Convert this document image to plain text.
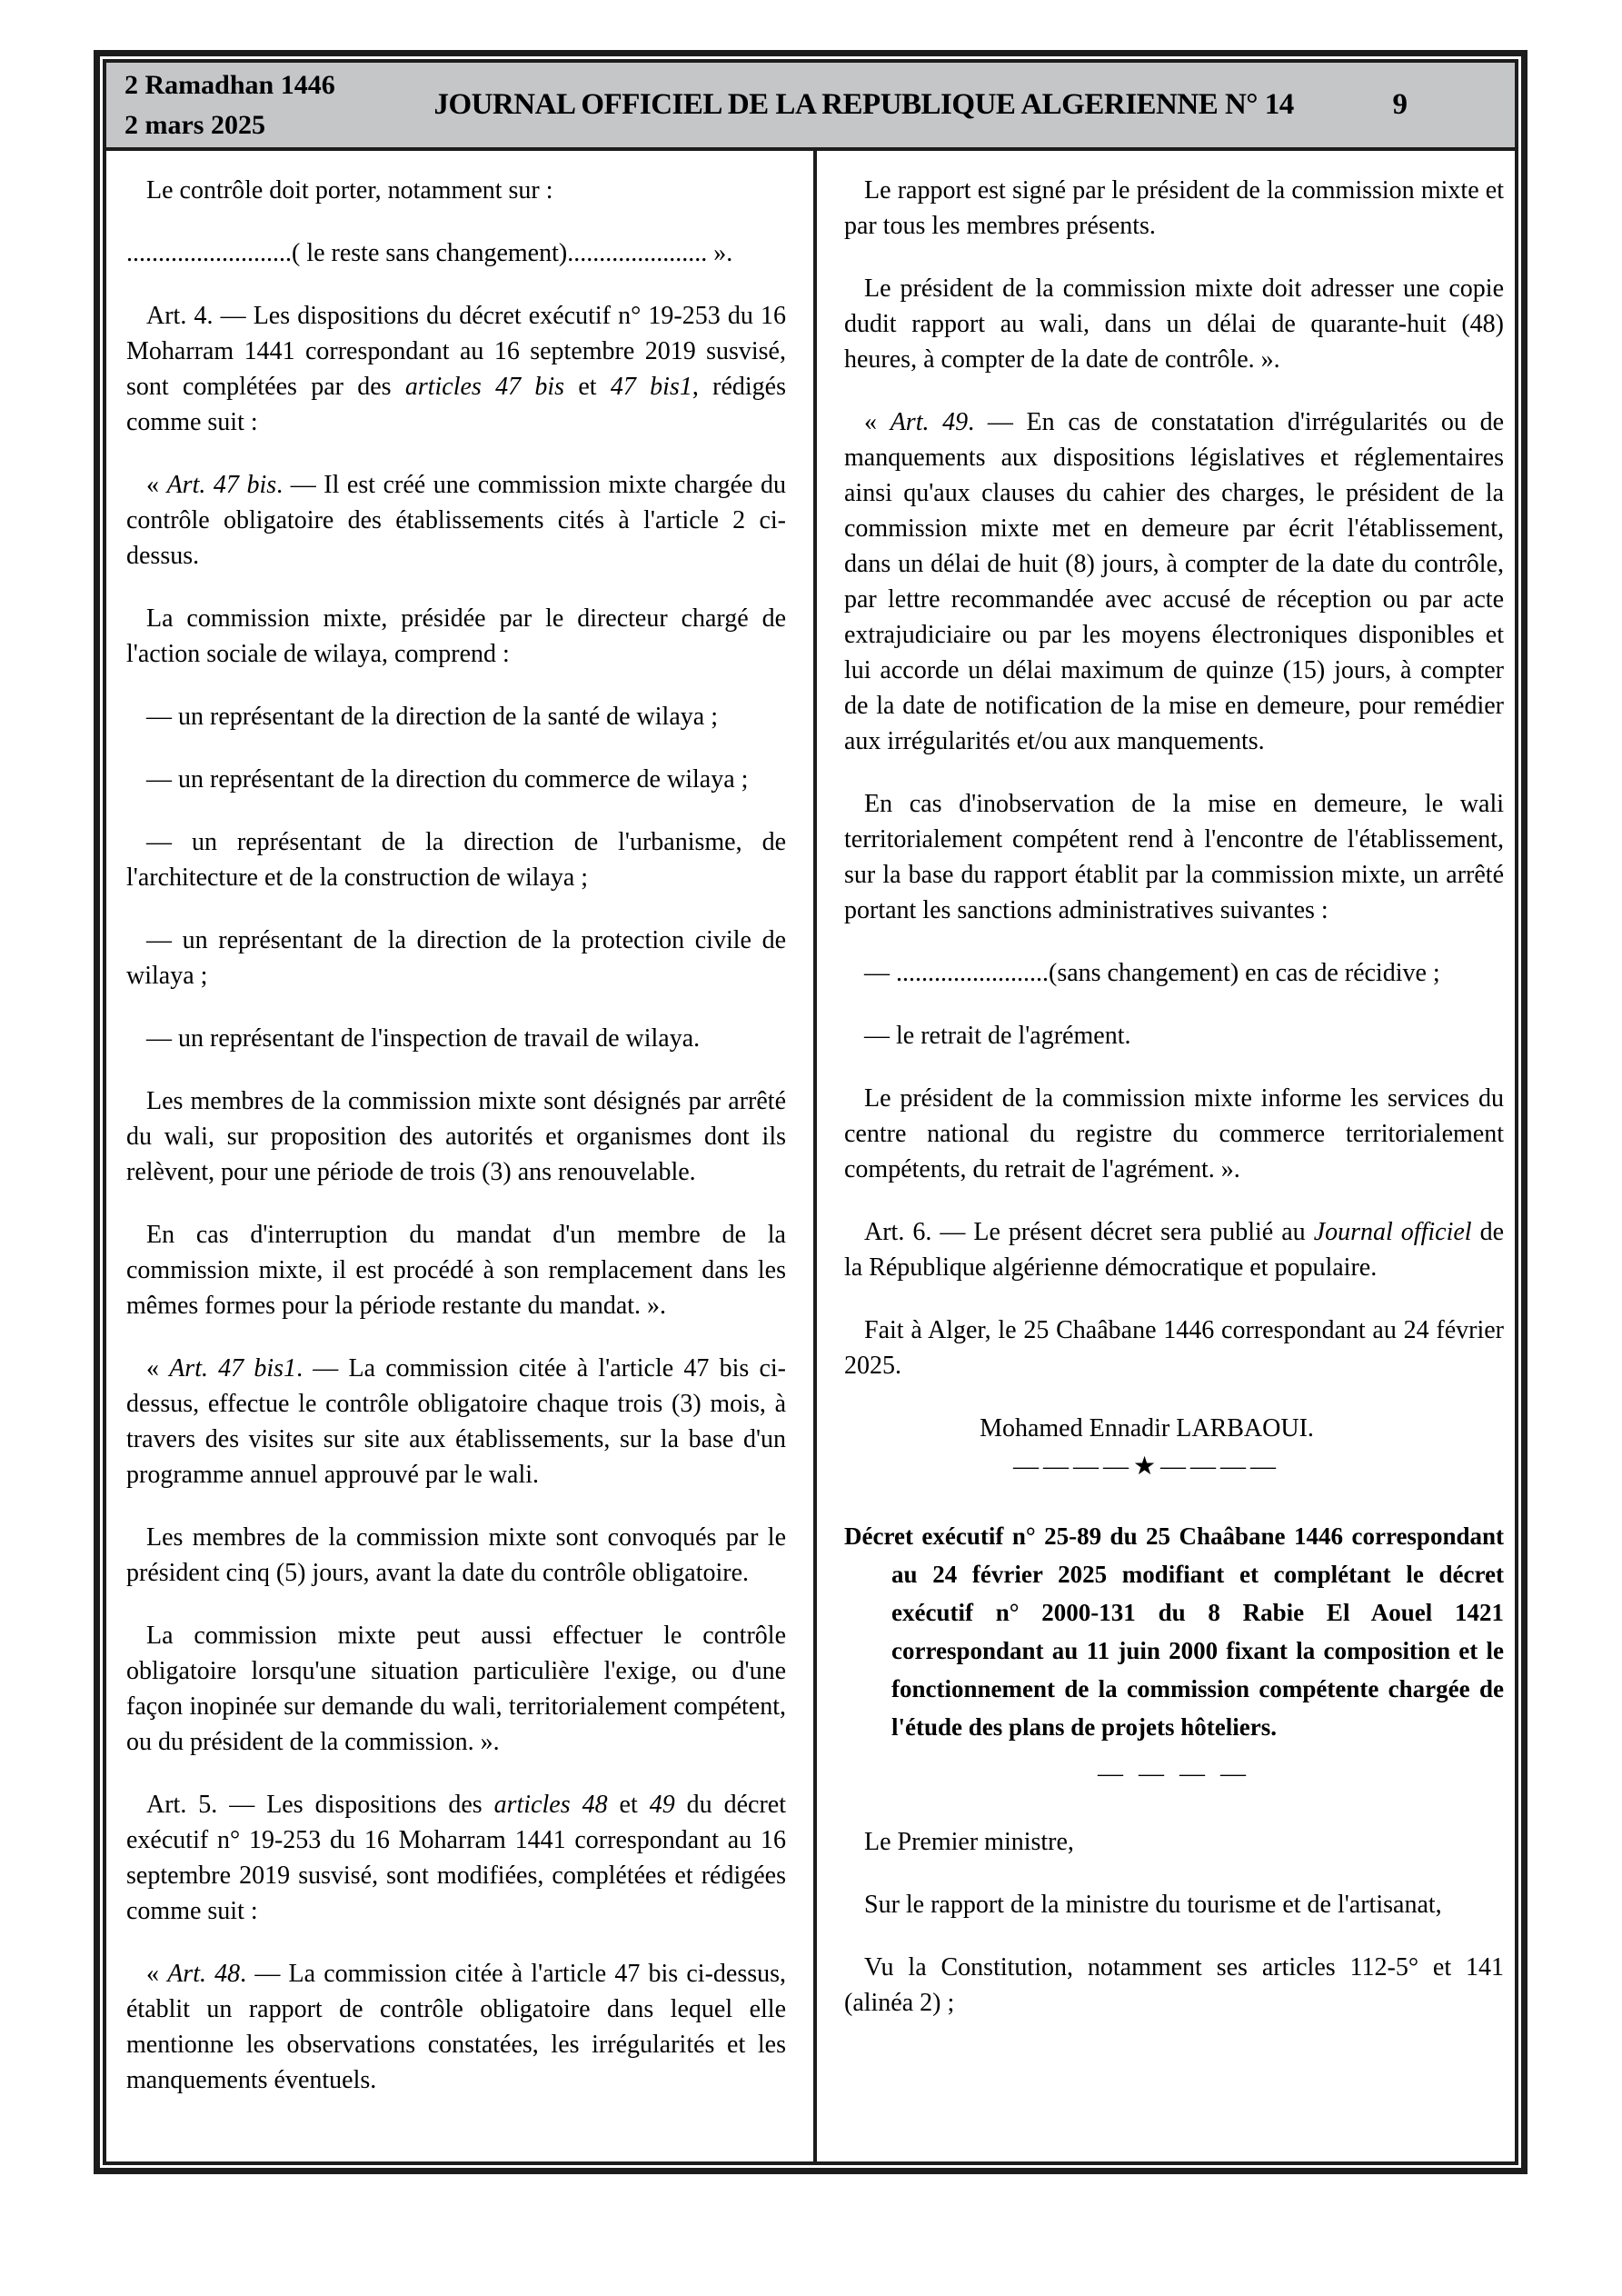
2 Ramadhan 1446
2 mars 2025
JOURNAL OFFICIEL DE LA REPUBLIQUE ALGERIENNE N° 14	9

Le contrôle doit porter, notamment sur :

..........................( le reste sans changement)...................... ».

Art. 4. — Les dispositions du décret exécutif n° 19-253 du 16 Moharram 1441 correspondant au 16 septembre 2019 susvisé, sont complétées par des articles 47 bis et 47 bis1, rédigés comme suit :

« Art. 47 bis. — Il est créé une commission mixte chargée du contrôle obligatoire des établissements cités à l'article 2 ci-dessus.

La commission mixte, présidée par le directeur chargé de l'action sociale de wilaya, comprend :

— un représentant de la direction de la santé de wilaya ;

— un représentant de la direction du commerce de wilaya ;

— un représentant de la direction de l'urbanisme, de l'architecture et de la construction de wilaya ;

— un représentant de la direction de la protection civile de wilaya ;

— un représentant de l'inspection de travail de wilaya.

Les membres de la commission mixte sont désignés par arrêté du wali, sur proposition des autorités et organismes dont ils relèvent, pour une période de trois (3) ans renouvelable.

En cas d'interruption du mandat d'un membre de la commission mixte, il est procédé à son remplacement dans les mêmes formes pour la période restante du mandat. ».

« Art. 47 bis1. — La commission citée à l'article 47 bis ci-dessus, effectue le contrôle obligatoire chaque trois (3) mois, à travers des visites sur site aux établissements, sur la base d'un programme annuel approuvé par le wali.

Les membres de la commission mixte sont convoqués par le président cinq (5) jours, avant la date du contrôle obligatoire.

La commission mixte peut aussi effectuer le contrôle obligatoire lorsqu'une situation particulière l'exige, ou d'une façon inopinée sur demande du wali, territorialement compétent, ou du président de la commission. ».

Art. 5. — Les dispositions des articles 48 et 49 du décret exécutif n° 19-253 du 16 Moharram 1441 correspondant au 16 septembre 2019 susvisé, sont modifiées, complétées et rédigées comme suit :

« Art. 48. — La commission citée à l'article 47 bis ci-dessus, établit un rapport de contrôle obligatoire dans lequel elle mentionne les observations constatées, les irrégularités et les manquements éventuels.

Le rapport est signé par le président de la commission mixte et par tous les membres présents.

Le président de la commission mixte doit adresser une copie dudit rapport au wali, dans un délai de quarante-huit (48) heures, à compter de la date de contrôle. ».

« Art. 49. — En cas de constatation d'irrégularités ou de manquements aux dispositions législatives et réglementaires ainsi qu'aux clauses du cahier des charges, le président de la commission mixte met en demeure par écrit l'établissement, dans un délai de huit (8) jours, à compter de la date du contrôle, par lettre recommandée avec accusé de réception ou par acte extrajudiciaire ou par les moyens électroniques disponibles et lui accorde un délai maximum de quinze (15) jours, à compter de la date de notification de la mise en demeure, pour remédier aux irrégularités et/ou aux manquements.

En cas d'inobservation de la mise en demeure, le wali territorialement compétent rend à l'encontre de l'établissement, sur la base du rapport établit par la commission mixte, un arrêté portant les sanctions administratives suivantes :

— ........................(sans changement) en cas de récidive ;

— le retrait de l'agrément.

Le président de la commission mixte informe les services du centre national du registre du commerce territorialement compétents, du retrait de l'agrément. ».

Art. 6. — Le présent décret sera publié au Journal officiel de la République algérienne démocratique et populaire.

Fait à Alger, le 25 Chaâbane 1446 correspondant au 24 février 2025.

Mohamed Ennadir LARBAOUI.

————★————

Décret exécutif n° 25-89 du 25 Chaâbane 1446 correspondant au 24 février 2025 modifiant et complétant le décret exécutif n° 2000-131 du 8 Rabie El Aouel 1421 correspondant au 11 juin 2000 fixant la composition et le fonctionnement de la commission compétente chargée de l'étude des plans de projets hôteliers.

— — — —

Le Premier ministre,

Sur le rapport de la ministre du tourisme et de l'artisanat,

Vu la Constitution, notamment ses articles 112-5° et 141 (alinéa 2) ;
